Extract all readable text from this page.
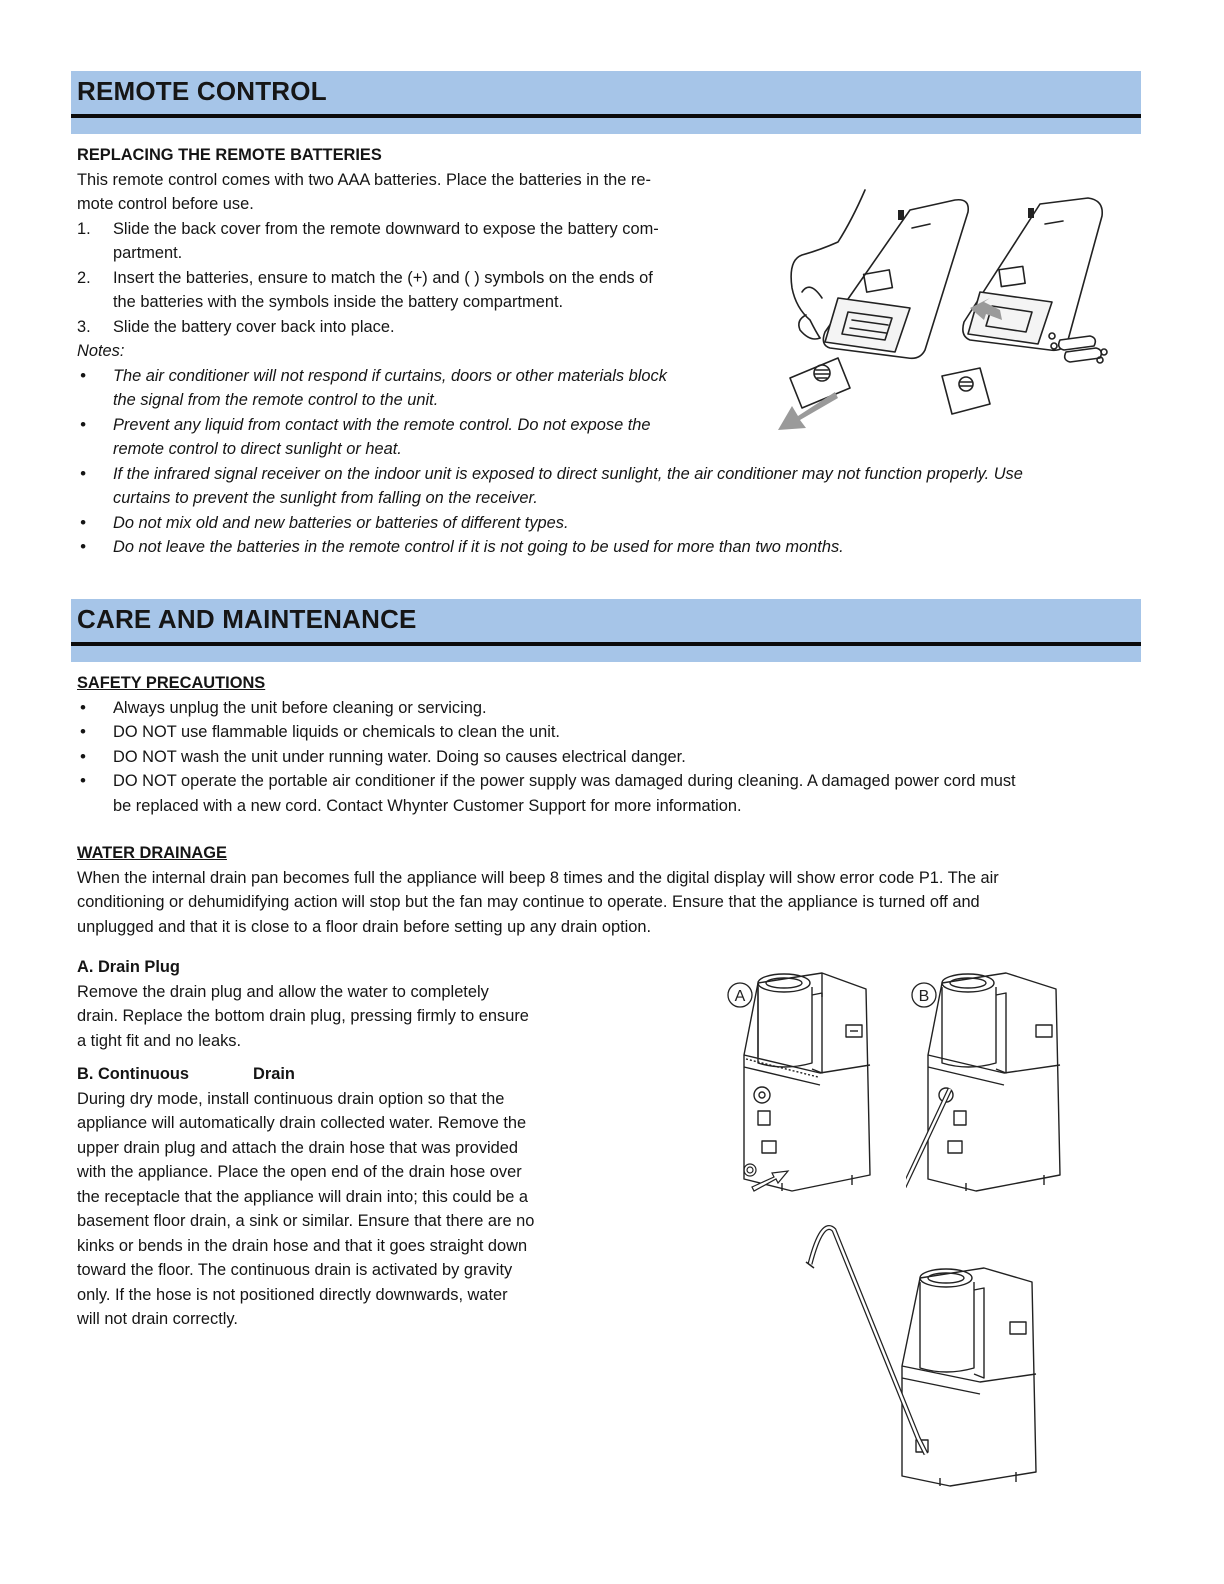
REMOTE CONTROL
REPLACING THE REMOTE BATTERIES
This remote control comes with two AAA batteries. Place the batteries in the re-
mote control before use.
1. Slide the back cover from the remote downward to expose the battery com-
partment.
2. Insert the batteries, ensure to match the (+) and ( ) symbols on the ends of
the batteries with the symbols inside the battery compartment.
3. Slide the battery cover back into place.
Notes:
• The air conditioner will not respond if curtains, doors or other materials block
the signal from the remote control to the unit.
• Prevent any liquid from contact with the remote control. Do not expose the
remote control to direct sunlight or heat.
• If the infrared signal receiver on the indoor unit is exposed to direct sunlight, the air conditioner may not function properly. Use
curtains to prevent the sunlight from falling on the receiver.
• Do not mix old and new batteries or batteries of different types.
• Do not leave the batteries in the remote control if it is not going to be used for more than two months.
CARE AND MAINTENANCE
SAFETY PRECAUTIONS
• Always unplug the unit before cleaning or servicing.
• DO NOT use flammable liquids or chemicals to clean the unit.
• DO NOT wash the unit under running water. Doing so causes electrical danger.
• DO NOT operate the portable air conditioner if the power supply was damaged during cleaning. A damaged power cord must
be replaced with a new cord. Contact Whynter Customer Support for more information.
WATER DRAINAGE
When the internal drain pan becomes full the appliance will beep 8 times and the digital display will show error code P1. The air
conditioning or dehumidifying action will stop but the fan may continue to operate. Ensure that the appliance is turned off and
unplugged and that it is close to a floor drain before setting up any drain option.
A. Drain Plug
Remove the drain plug and allow the water to completely
drain. Replace the bottom drain plug, pressing firmly to ensure
a tight fit and no leaks.
B. Continuous	Drain
During dry mode, install continuous drain option so that the
appliance will automatically drain collected water. Remove the
upper drain plug and attach the drain hose that was provided
with the appliance. Place the open end of the drain hose over
the receptacle that the appliance will drain into; this could be a
basement floor drain, a sink or similar. Ensure that there are no
kinks or bends in the drain hose and that it goes straight down
toward the floor. The continuous drain is activated by gravity
only. If the hose is not positioned directly downwards, water
will not drain correctly.
A	B
